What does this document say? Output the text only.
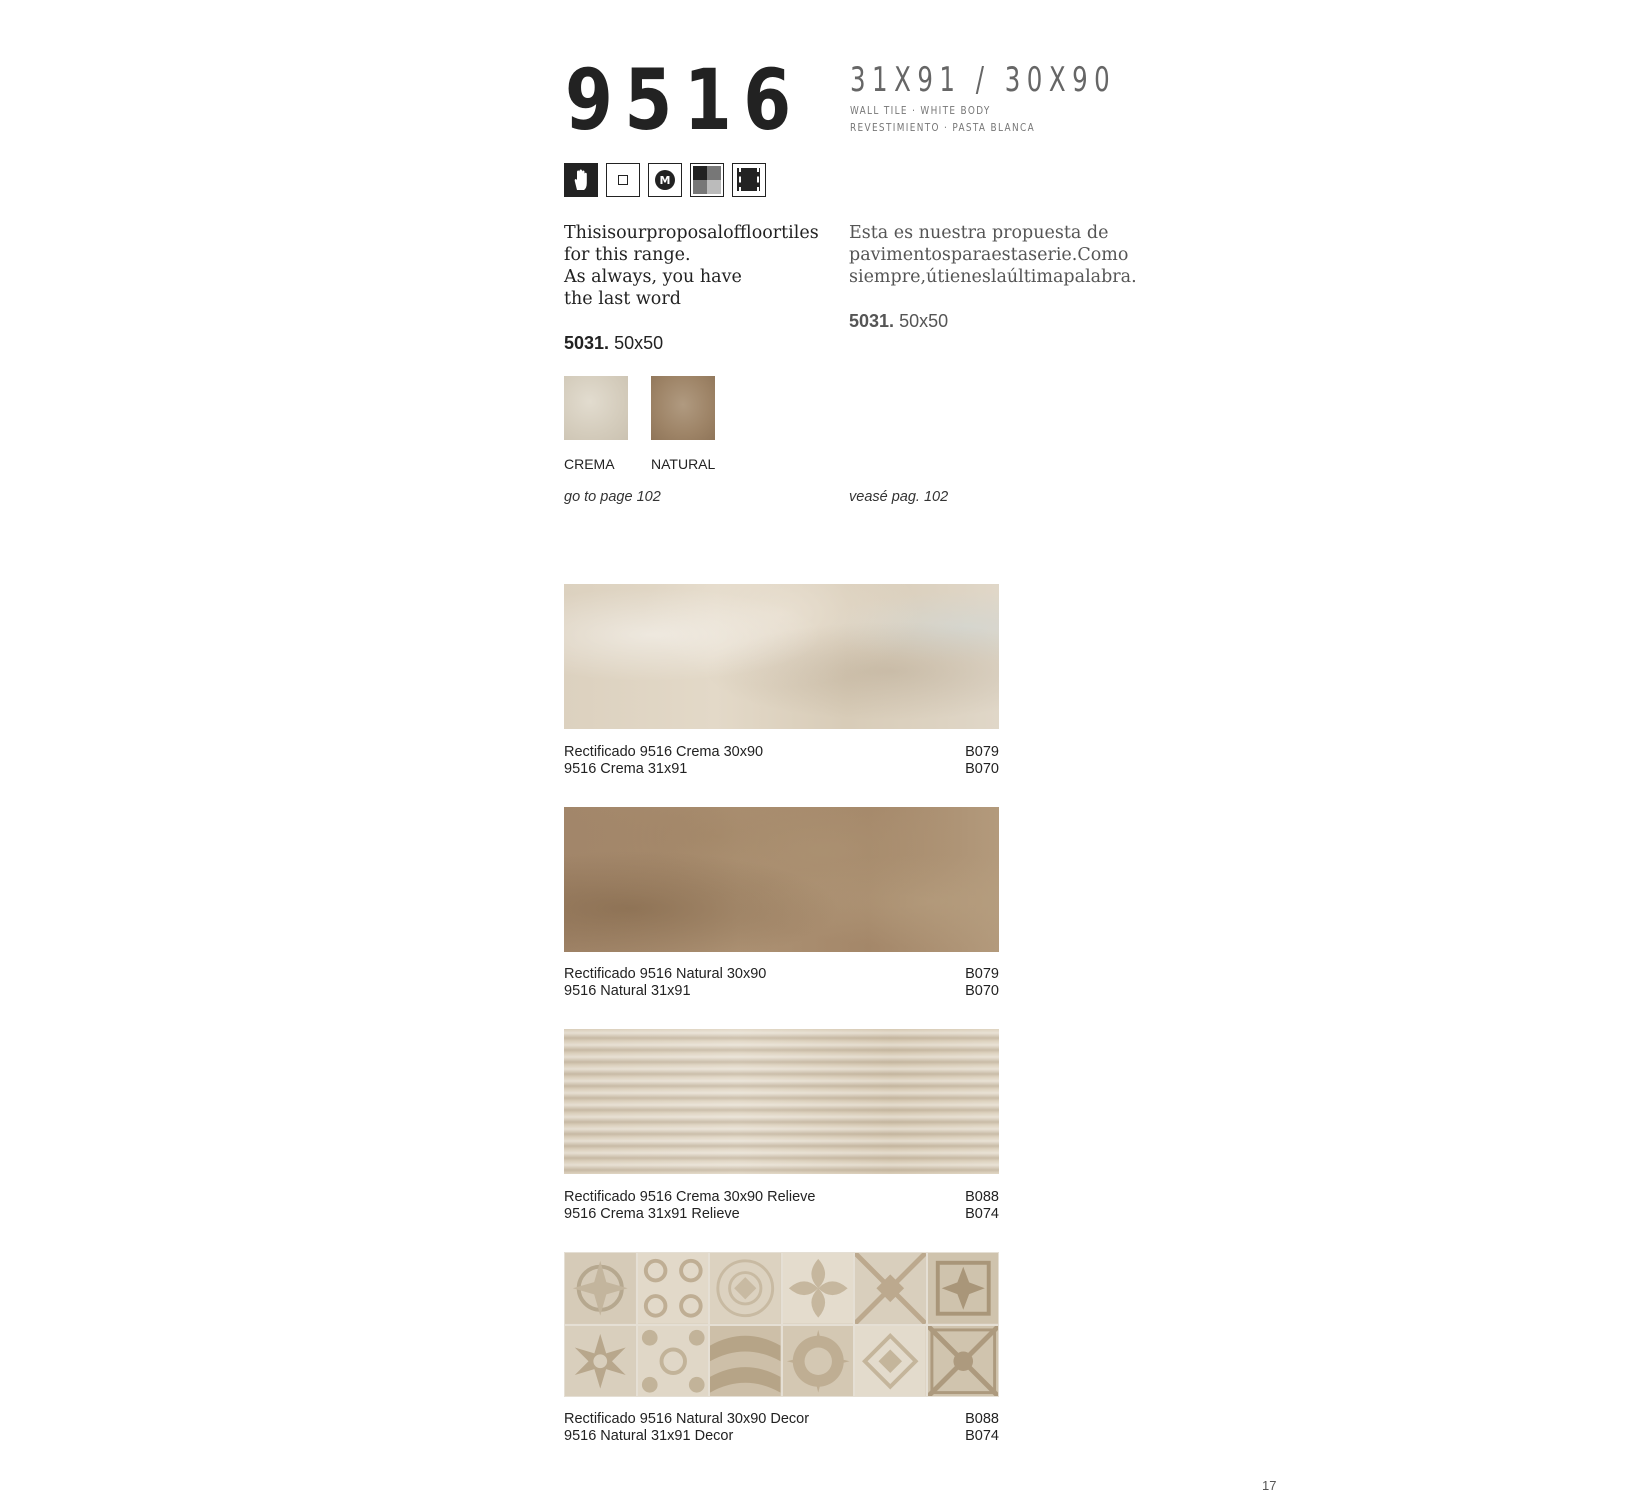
9516 31X91 / 30X90
WALL TILE · WHITE BODY
REVESTIMIENTO · PASTA BLANCA
M
Thisisourproposaloffloortiles
for this range.
As always, you have
the last word
5031. 50x50
Esta es nuestra propuesta de
pavimentosparaestaserie.Como
siempre,útieneslaúltimapalabra.
5031. 50x50
CREMA	NATURAL
go to page 102	veasé pag. 102
Rectificado 9516 Crema 30x90	B079
9516 Crema 31x91	B070
Rectificado 9516 Natural 30x90	B079
9516 Natural 31x91	B070
Rectificado 9516 Crema 30x90 Relieve	B088
9516 Crema 31x91 Relieve	B074
Rectificado 9516 Natural 30x90 Decor	B088
9516 Natural 31x91 Decor	B074
17
